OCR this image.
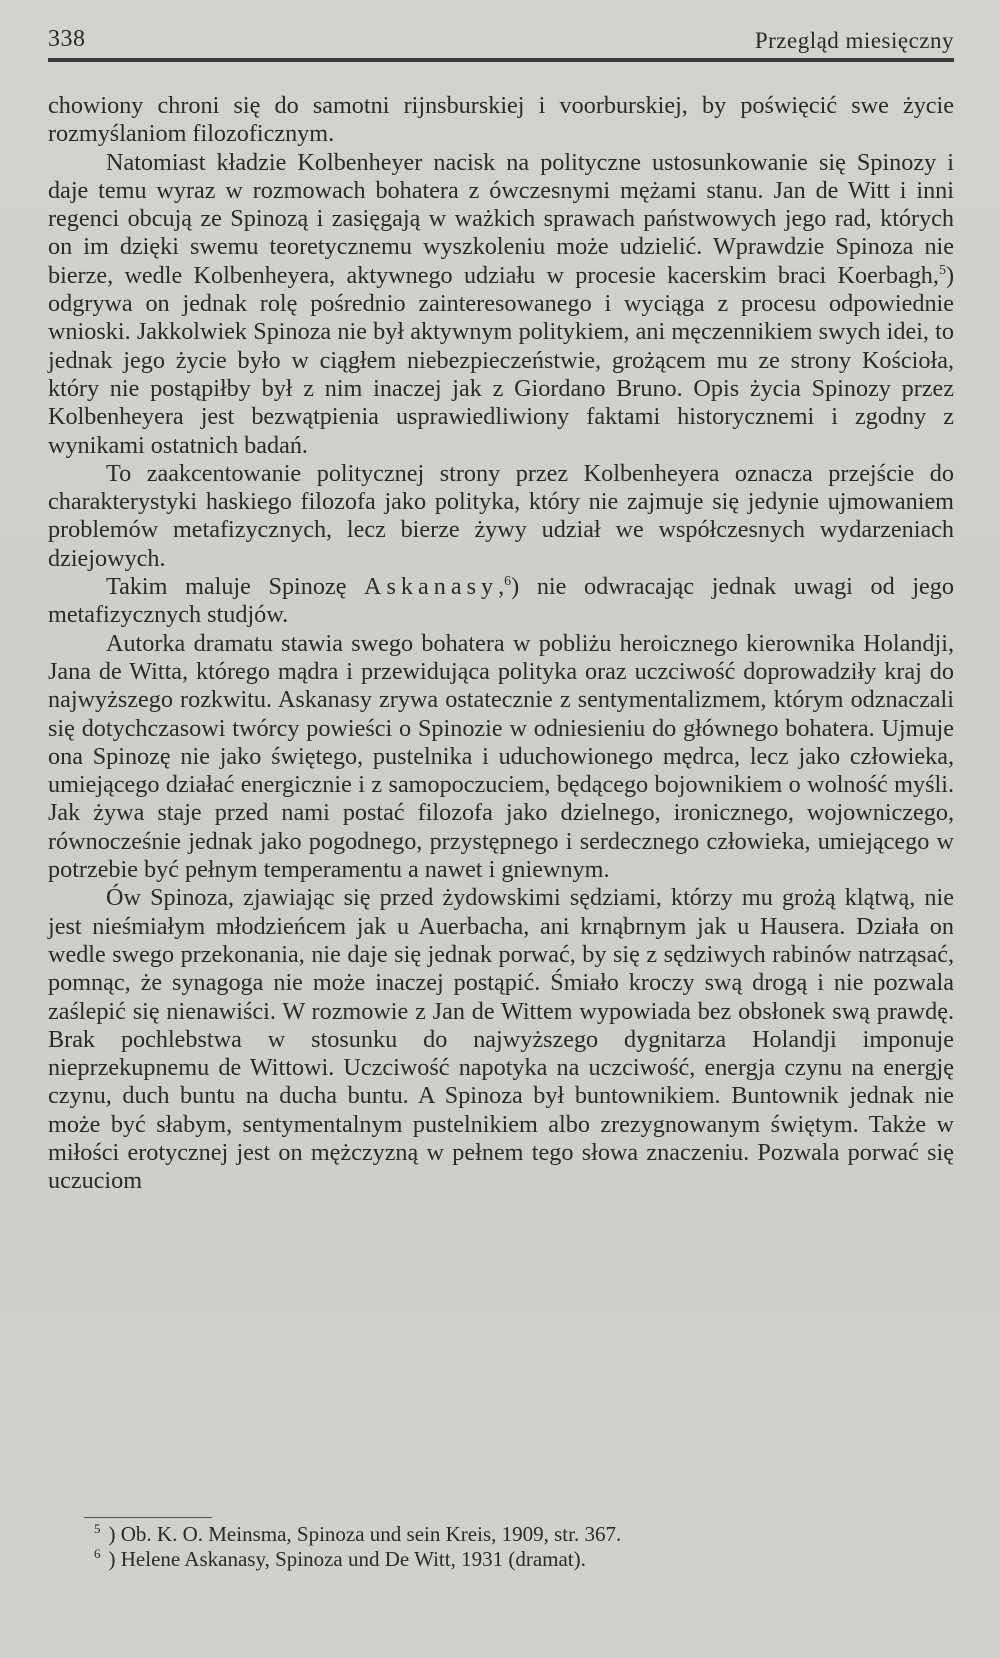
338	Przegląd miesięczny

chowiony chroni się do samotni rijnsburskiej i voorburskiej, by poświęcić swe życie rozmyślaniom filozoficznym.

Natomiast kładzie Kolbenheyer nacisk na polityczne ustosunkowanie się Spinozy i daje temu wyraz w rozmowach bohatera z ówczesnymi mężami stanu. Jan de Witt i inni regenci obcują ze Spinozą i zasięgają w ważkich sprawach państwowych jego rad, których on im dzięki swemu teoretycznemu wyszkoleniu może udzielić. Wprawdzie Spinoza nie bierze, wedle Kolbenheyera, aktywnego udziału w procesie kacerskim braci Koerbagh,$^5$) odgrywa on jednak rolę pośrednio zainteresowanego i wyciąga z procesu odpowiednie wnioski. Jakkolwiek Spinoza nie był aktywnym politykiem, ani męczennikiem swych idei, to jednak jego życie było w ciągłem niebezpieczeństwie, grożącem mu ze strony Kościoła, który nie postąpiłby był z nim inaczej jak z Giordano Bruno. Opis życia Spinozy przez Kolbenheyera jest bezwątpienia usprawiedliwiony faktami historycznemi i zgodny z wynikami ostatnich badań.

To zaakcentowanie politycznej strony przez Kolbenheyera oznacza przejście do charakterystyki haskiego filozofa jako polityka, który nie zajmuje się jedynie ujmowaniem problemów metafizycznych, lecz bierze żywy udział we współczesnych wydarzeniach dziejowych.

Takim maluje Spinozę Askanasy,$^6$) nie odwracając jednak uwagi od jego metafizycznych studjów.

Autorka dramatu stawia swego bohatera w pobliżu heroicznego kierownika Holandji, Jana de Witta, którego mądra i przewidująca polityka oraz uczciwość doprowadziły kraj do najwyższego rozkwitu. Askanasy zrywa ostatecznie z sentymentalizmem, którym odznaczali się dotychczasowi twórcy powieści o Spinozie w odniesieniu do głównego bohatera. Ujmuje ona Spinozę nie jako świętego, pustelnika i uduchowionego mędrca, lecz jako człowieka, umiejącego działać energicznie i z samopoczuciem, będącego bojownikiem o wolność myśli. Jak żywa staje przed nami postać filozofa jako dzielnego, ironicznego, wojowniczego, równocześnie jednak jako pogodnego, przystępnego i serdecznego człowieka, umiejącego w potrzebie być pełnym temperamentu a nawet i gniewnym.

Ów Spinoza, zjawiając się przed żydowskimi sędziami, którzy mu grożą klątwą, nie jest nieśmiałym młodzieńcem jak u Auerbacha, ani krnąbrnym jak u Hausera. Działa on wedle swego przekonania, nie daje się jednak porwać, by się z sędziwych rabinów natrząsać, pomnąc, że synagoga nie może inaczej postąpić. Śmiało kroczy swą drogą i nie pozwala zaślepić się nienawiści. W rozmowie z Jan de Wittem wypowiada bez obsłonek swą prawdę. Brak pochlebstwa w stosunku do najwyższego dygnitarza Holandji imponuje nieprzekupnemu de Wittowi. Uczciwość napotyka na uczciwość, energja czynu na energję czynu, duch buntu na ducha buntu. A Spinoza był buntownikiem. Buntownik jednak nie może być słabym, sentymentalnym pustelnikiem albo zrezygnowanym świętym. Także w miłości erotycznej jest on mężczyzną w pełnem tego słowa znaczeniu. Pozwala porwać się uczuciom

$^5$ ) Ob. K. O. Meinsma, Spinoza und sein Kreis, 1909, str. 367.
$^6$ ) Helene Askanasy, Spinoza und De Witt, 1931 (dramat).
